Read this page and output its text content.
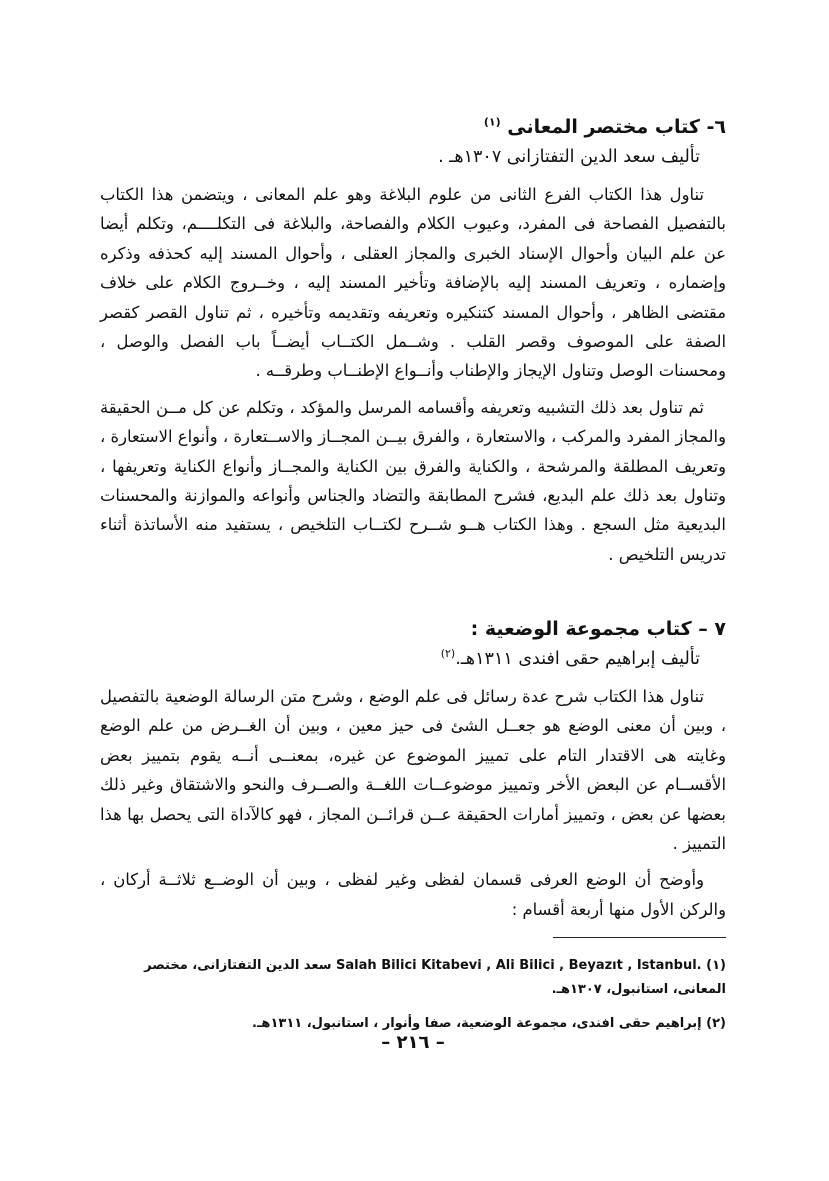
٦- كتاب مختصر المعانى $^{(١)}$

تأليف سعد الدين التفتازانى ١٣٠٧هـ .

تناول هذا الكتاب الفرع الثانى من علوم البلاغة وهو علم المعانى ، ويتضمن هذا الكتاب بالتفصيل الفصاحة فى المفرد، وعيوب الكلام والفصاحة، والبلاغة فى التكلــــم، وتكلم أيضا عن علم البيان وأحوال الإسناد الخبرى والمجاز العقلى ، وأحوال المسند إليه كحذفه وذكره وإضماره ، وتعريف المسند إليه بالإضافة وتأخير المسند إليه ، وخــروج الكلام على خلاف مقتضى الظاهر ، وأحوال المسند كتنكيره وتعريفه وتقديمه وتأخيره ، ثم تناول القصر كقصر الصفة على الموصوف وقصر القلب . وشــمل الكتــاب أيضــاً باب الفصل والوصل ، ومحسنات الوصل وتناول الإيجاز والإطناب وأنــواع الإطنــاب وطرقــه .

ثم تناول بعد ذلك التشبيه وتعريفه وأقسامه المرسل والمؤكد ، وتكلم عن كل مــن الحقيقة والمجاز المفرد والمركب ، والاستعارة ، والفرق بيــن المجــاز والاســتعارة ، وأنواع الاستعارة ، وتعريف المطلقة والمرشحة ، والكناية والفرق بين الكناية والمجــاز وأنواع الكناية وتعريفها ، وتناول بعد ذلك علم البديع، فشرح المطابقة والتضاد والجناس وأنواعه والموازنة والمحسنات البديعية مثل السجع . وهذا الكتاب هــو شــرح لكتــاب التلخيص ، يستفيد منه الأساتذة أثناء تدريس التلخيص .

٧ – كتاب مجموعة الوضعية :

تأليف إبراهيم حقى افندى ١٣١١هـ.$^{(٢)}$

تناول هذا الكتاب شرح عدة رسائل فى علم الوضع ، وشرح متن الرسالة الوضعية بالتفصيل ، وبين أن معنى الوضع هو جعــل الشئ فى حيز معين ، وبين أن الغــرض من علم الوضع وغايته هى الاقتدار التام على تمييز الموضوع عن غيره، بمعنــى أنــه يقوم بتمييز بعض الأقســام عن البعض الأخر وتمييز موضوعــات اللغــة والصــرف والنحو والاشتقاق وغير ذلك بعضها عن بعض ، وتمييز أمارات الحقيقة عــن قرائــن المجاز ، فهو كالآداة التى يحصل بها هذا التمييز .

وأوضح أن الوضع العرفى قسمان لفظى وغير لفظى ، وبين أن الوضــع ثلاثــة أركان ، والركن الأول منها أربعة أقسام :

(١) Salah Bilici Kitabevi , Ali Bilici , Beyazıt , Istanbul. سعد الدين التفتازانى، مختصر المعانى، استانبول، ١٣٠٧هـ.

(٢) إبراهيم حقى افندى، مجموعة الوضعية، صفا وأنوار ، استانبول، ١٣١١هـ.

– ٢١٦ –
